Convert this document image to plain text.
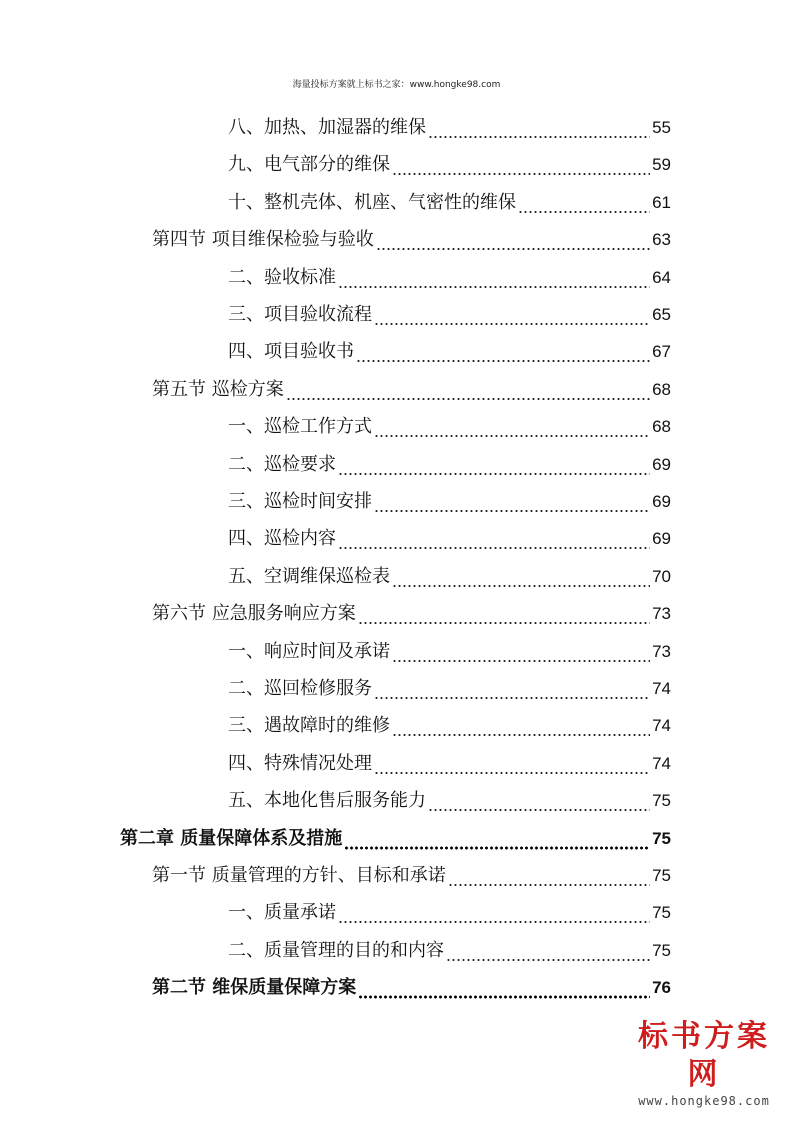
海量投标方案就上标书之家：www.hongke98.com
八、加热、加湿器的维保	55
九、电气部分的维保	59
十、整机壳体、机座、气密性的维保	61
第四节 项目维保检验与验收	63
二、验收标准	64
三、项目验收流程	65
四、项目验收书	67
第五节 巡检方案	68
一、巡检工作方式	68
二、巡检要求	69
三、巡检时间安排	69
四、巡检内容	69
五、空调维保巡检表	70
第六节 应急服务响应方案	73
一、响应时间及承诺	73
二、巡回检修服务	74
三、遇故障时的维修	74
四、特殊情况处理	74
五、本地化售后服务能力	75
第二章 质量保障体系及措施	75
第一节 质量管理的方针、目标和承诺	75
一、质量承诺	75
二、质量管理的目的和内容	75
第二节 维保质量保障方案	76
标书方案网
www.hongke98.com
